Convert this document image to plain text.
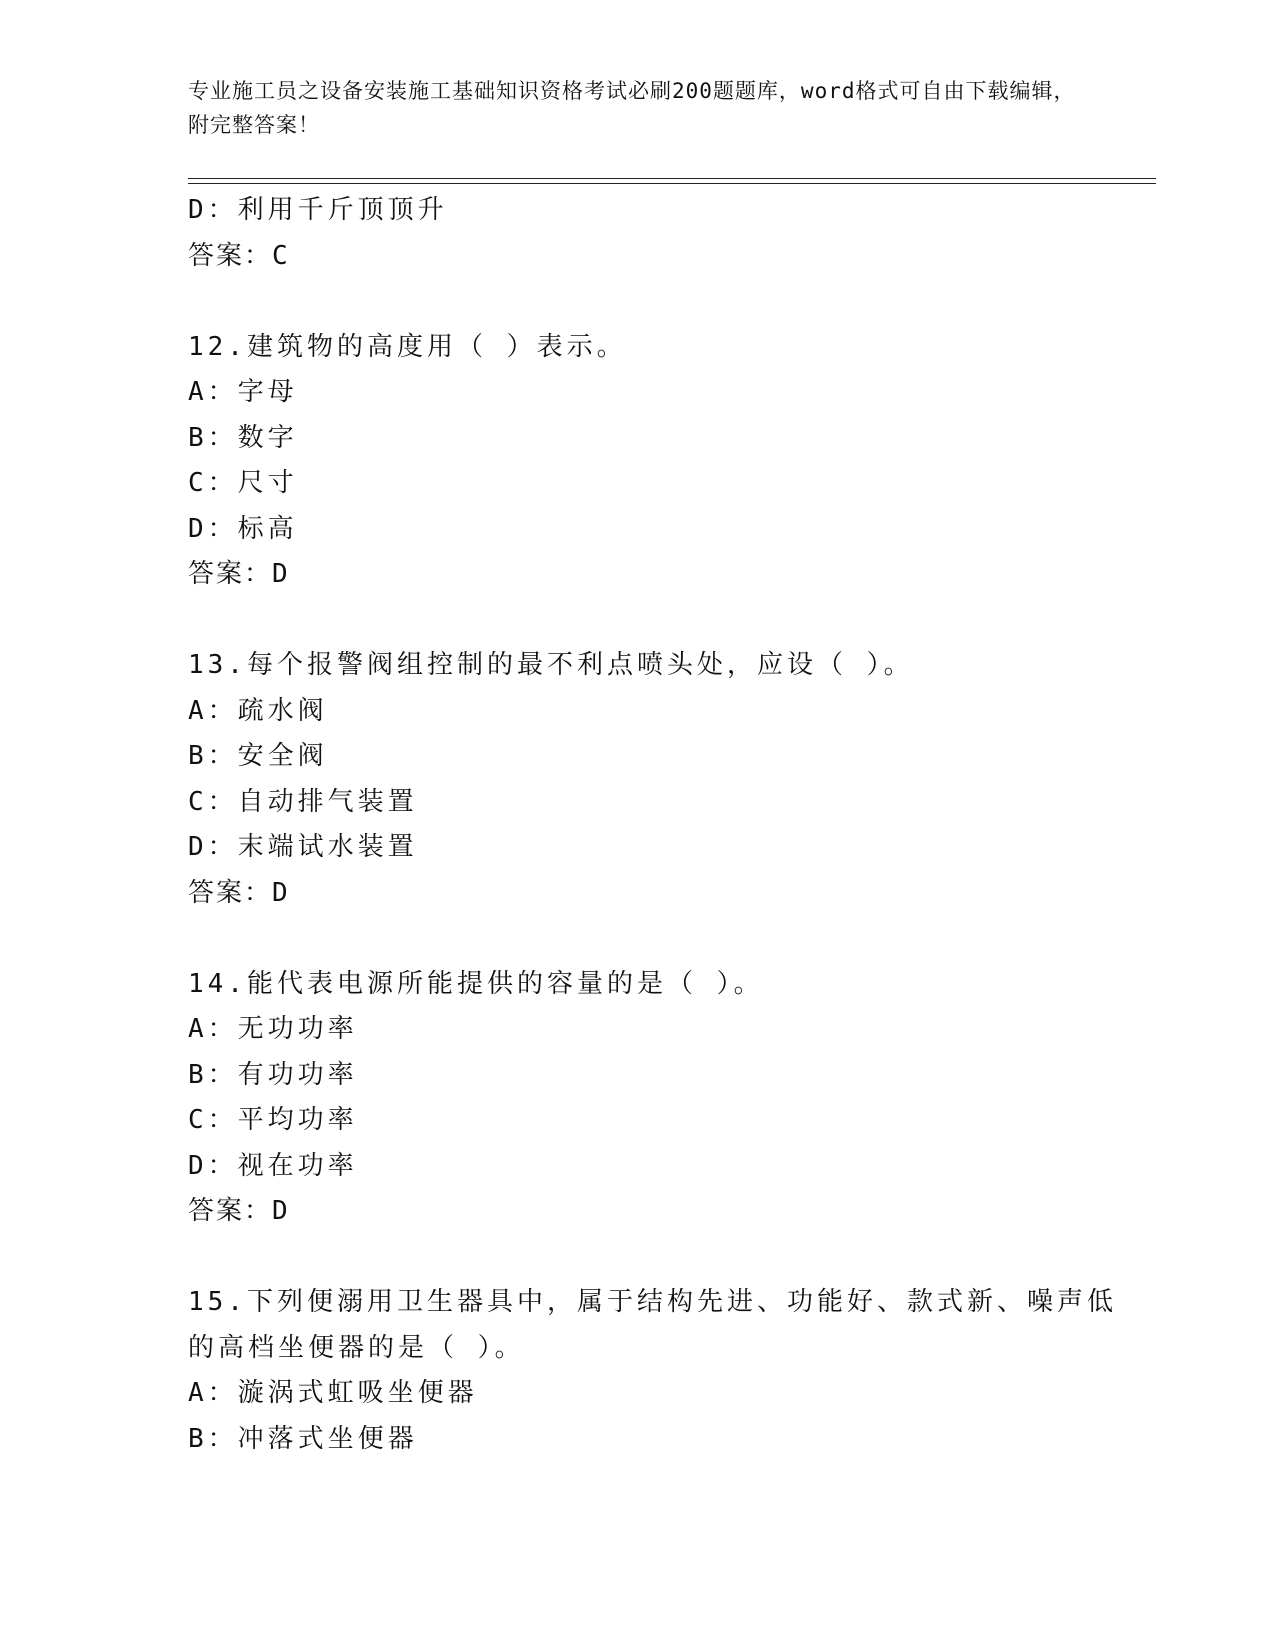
专业施工员之设备安装施工基础知识资格考试必刷200题题库，word格式可自由下载编辑，附完整答案！
D：利用千斤顶顶升
答案：C
12.建筑物的高度用（ ）表示。
A：字母
B：数字
C：尺寸
D：标高
答案：D
13.每个报警阀组控制的最不利点喷头处，应设（ ）。
A：疏水阀
B：安全阀
C：自动排气装置
D：末端试水装置
答案：D
14.能代表电源所能提供的容量的是（ ）。
A：无功功率
B：有功功率
C：平均功率
D：视在功率
答案：D
15.下列便溺用卫生器具中，属于结构先进、功能好、款式新、噪声低
的高档坐便器的是（ ）。
A：漩涡式虹吸坐便器
B：冲落式坐便器
